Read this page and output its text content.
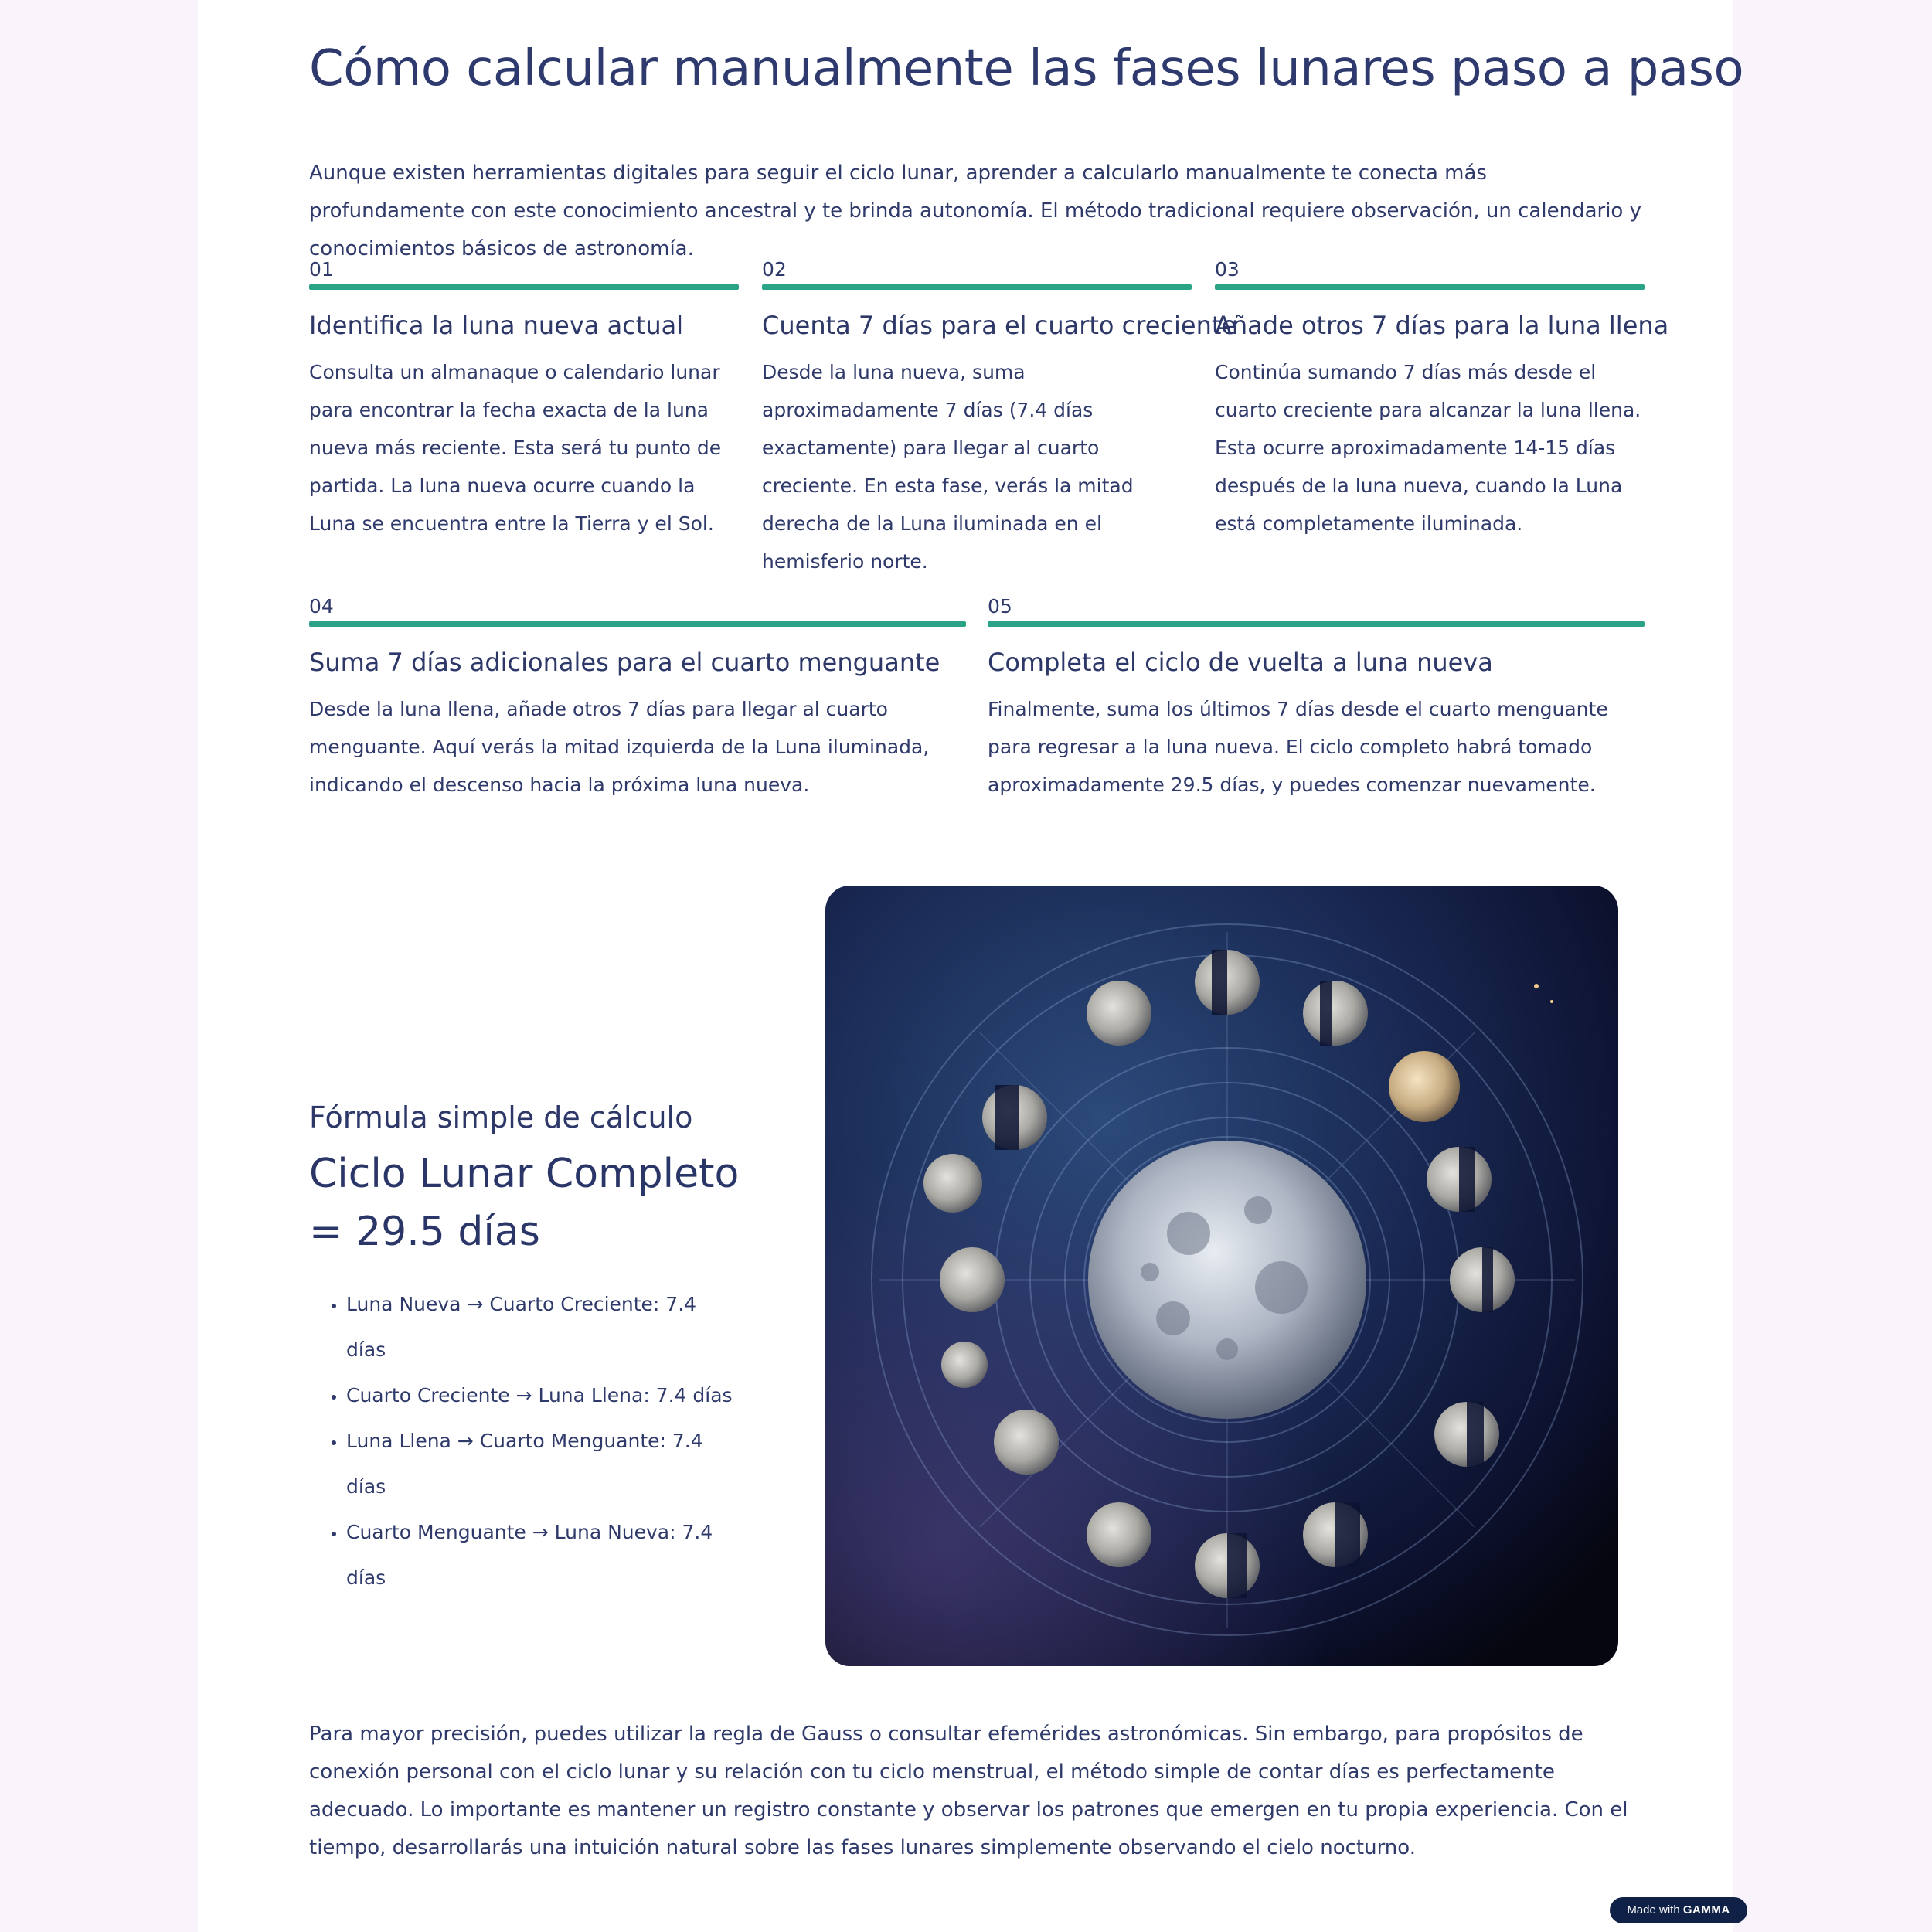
Cómo calcular manualmente las fases lunares paso a paso

Aunque existen herramientas digitales para seguir el ciclo lunar, aprender a calcularlo manualmente te conecta más profundamente con este conocimiento ancestral y te brinda autonomía. El método tradicional requiere observación, un calendario y conocimientos básicos de astronomía.

01
Identifica la luna nueva actual

Consulta un almanaque o calendario lunar para encontrar la fecha exacta de la luna nueva más reciente. Esta será tu punto de partida. La luna nueva ocurre cuando la Luna se encuentra entre la Tierra y el Sol.

02
Cuenta 7 días para el cuarto creciente

Desde la luna nueva, suma aproximadamente 7 días (7.4 días exactamente) para llegar al cuarto creciente. En esta fase, verás la mitad derecha de la Luna iluminada en el hemisferio norte.

03
Añade otros 7 días para la luna llena

Continúa sumando 7 días más desde el cuarto creciente para alcanzar la luna llena. Esta ocurre aproximadamente 14-15 días después de la luna nueva, cuando la Luna está completamente iluminada.

04
Suma 7 días adicionales para el cuarto menguante

Desde la luna llena, añade otros 7 días para llegar al cuarto menguante. Aquí verás la mitad izquierda de la Luna iluminada, indicando el descenso hacia la próxima luna nueva.

05
Completa el ciclo de vuelta a luna nueva

Finalmente, suma los últimos 7 días desde el cuarto menguante para regresar a la luna nueva. El ciclo completo habrá tomado aproximadamente 29.5 días, y puedes comenzar nuevamente.

Fórmula simple de cálculo
Ciclo Lunar Completo = 29.5 días
• Luna Nueva → Cuarto Creciente: 7.4 días
• Cuarto Creciente → Luna Llena: 7.4 días
• Luna Llena → Cuarto Menguante: 7.4 días
• Cuarto Menguante → Luna Nueva: 7.4 días

Para mayor precisión, puedes utilizar la regla de Gauss o consultar efemérides astronómicas. Sin embargo, para propósitos de conexión personal con el ciclo lunar y su relación con tu ciclo menstrual, el método simple de contar días es perfectamente adecuado. Lo importante es mantener un registro constante y observar los patrones que emergen en tu propia experiencia. Con el tiempo, desarrollarás una intuición natural sobre las fases lunares simplemente observando el cielo nocturno.

Made with GAMMA
